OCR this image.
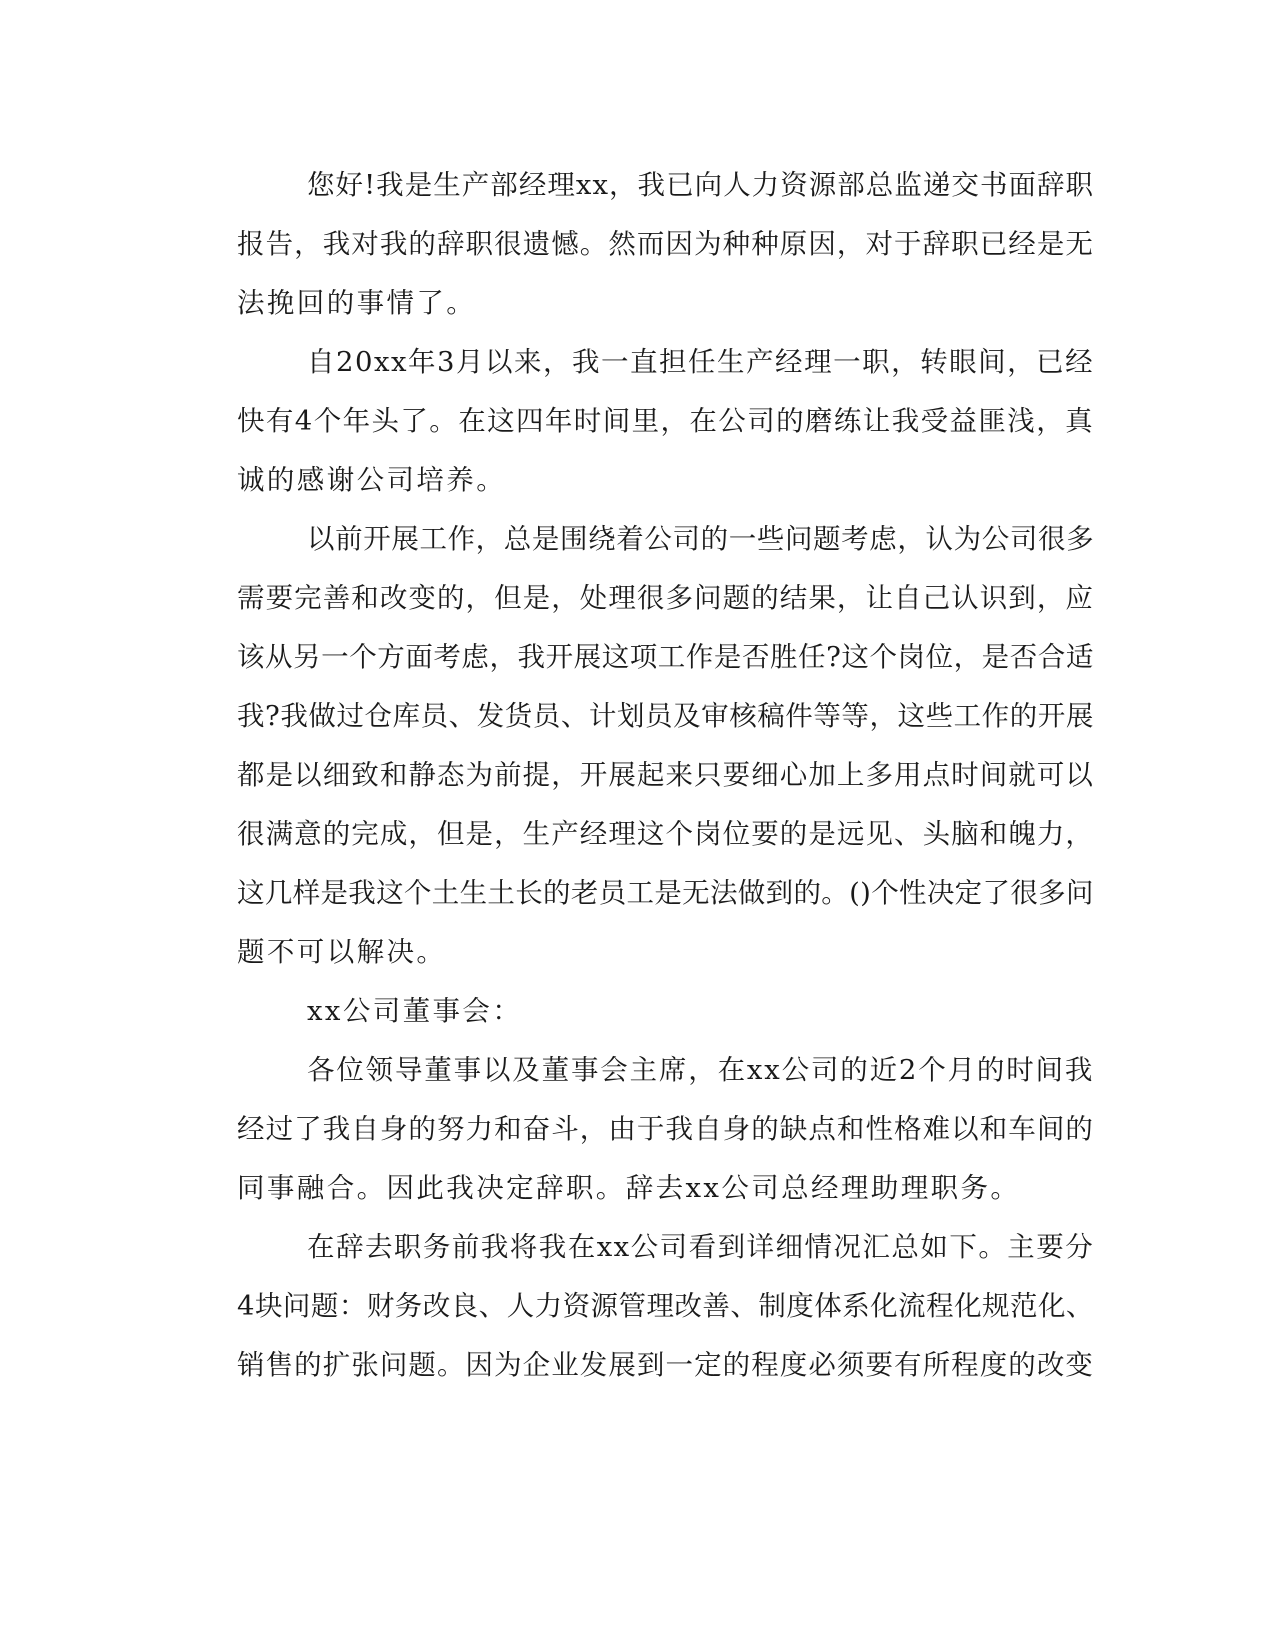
您好!我是生产部经理xx，我已向人力资源部总监递交书面辞职
报告，我对我的辞职很遗憾。然而因为种种原因，对于辞职已经是无
法挽回的事情了。
自20xx年3月以来，我一直担任生产经理一职，转眼间，已经
快有4个年头了。在这四年时间里，在公司的磨练让我受益匪浅，真
诚的感谢公司培养。
以前开展工作，总是围绕着公司的一些问题考虑，认为公司很多
需要完善和改变的，但是，处理很多问题的结果，让自己认识到，应
该从另一个方面考虑，我开展这项工作是否胜任?这个岗位，是否合适
我?我做过仓库员、发货员、计划员及审核稿件等等，这些工作的开展
都是以细致和静态为前提，开展起来只要细心加上多用点时间就可以
很满意的完成，但是，生产经理这个岗位要的是远见、头脑和魄力，
这几样是我这个土生土长的老员工是无法做到的。()个性决定了很多问
题不可以解决。
xx公司董事会：
各位领导董事以及董事会主席，在xx公司的近2个月的时间我
经过了我自身的努力和奋斗，由于我自身的缺点和性格难以和车间的
同事融合。因此我决定辞职。辞去xx公司总经理助理职务。
在辞去职务前我将我在xx公司看到详细情况汇总如下。主要分
4块问题：财务改良、人力资源管理改善、制度体系化流程化规范化、
销售的扩张问题。因为企业发展到一定的程度必须要有所程度的改变
